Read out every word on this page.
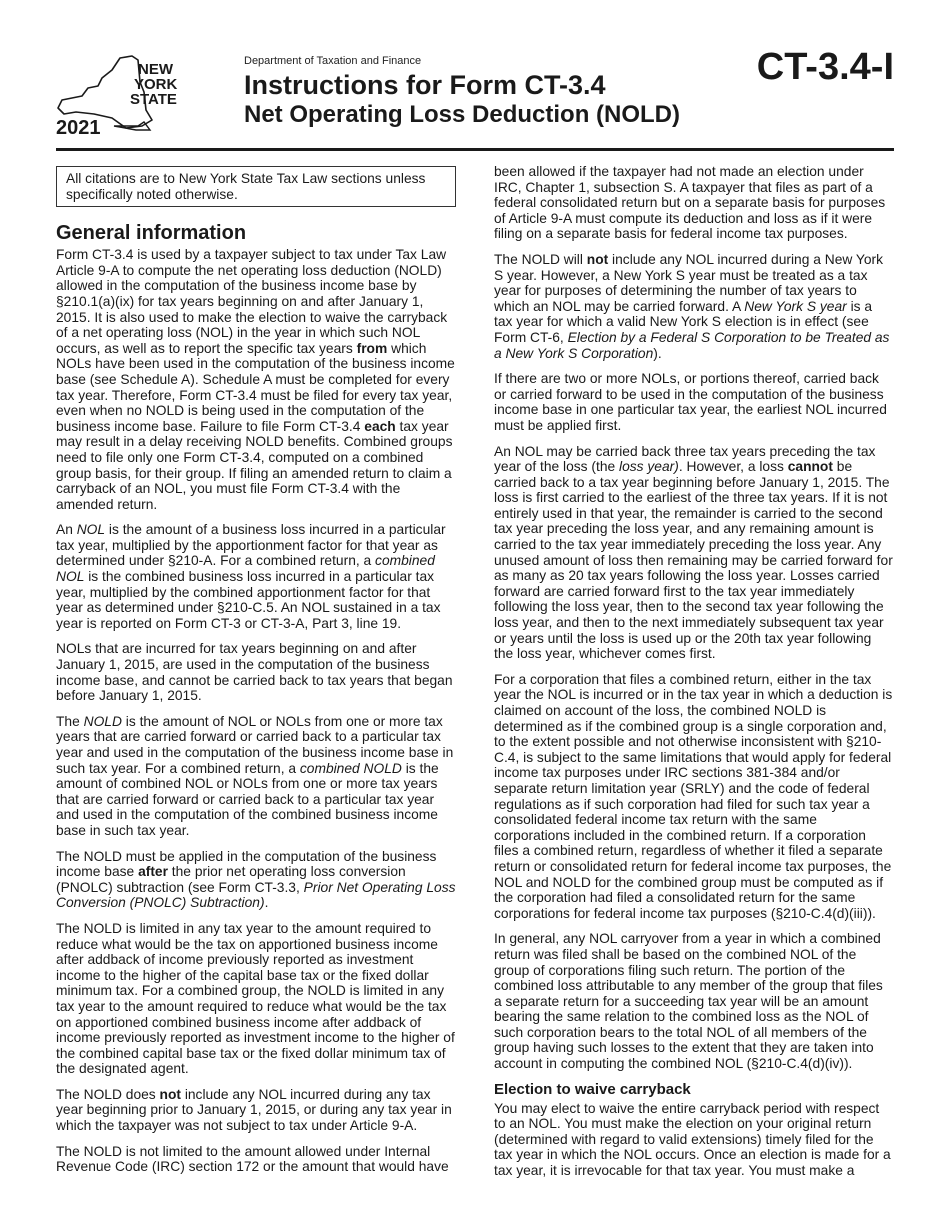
NEW
YORK
STATE
2021
Department of Taxation and Finance
Instructions for Form CT-3.4
Net Operating Loss Deduction (NOLD)
CT-3.4-I
All citations are to New York State Tax Law sections unless specifically noted otherwise.
General information

Form CT-3.4 is used by a taxpayer subject to tax under Tax Law Article 9-A to compute the net operating loss deduction (NOLD) allowed in the computation of the business income base by §210.1(a)(ix) for tax years beginning on and after January 1, 2015. It is also used to make the election to waive the carryback of a net operating loss (NOL) in the year in which such NOL occurs, as well as to report the specific tax years from which NOLs have been used in the computation of the business income base (see Schedule A). Schedule A must be completed for every tax year. Therefore, Form CT-3.4 must be filed for every tax year, even when no NOLD is being used in the computation of the business income base. Failure to file Form CT-3.4 each tax year may result in a delay receiving NOLD benefits. Combined groups need to file only one Form CT-3.4, computed on a combined group basis, for their group. If filing an amended return to claim a carryback of an NOL, you must file Form CT-3.4 with the amended return.

An NOL is the amount of a business loss incurred in a particular tax year, multiplied by the apportionment factor for that year as determined under §210-A. For a combined return, a combined NOL is the combined business loss incurred in a particular tax year, multiplied by the combined apportionment factor for that year as determined under §210-C.5. An NOL sustained in a tax year is reported on Form CT-3 or CT-3-A, Part 3, line 19.

NOLs that are incurred for tax years beginning on and after January 1, 2015, are used in the computation of the business income base, and cannot be carried back to tax years that began before January 1, 2015.

The NOLD is the amount of NOL or NOLs from one or more tax years that are carried forward or carried back to a particular tax year and used in the computation of the business income base in such tax year. For a combined return, a combined NOLD is the amount of combined NOL or NOLs from one or more tax years that are carried forward or carried back to a particular tax year and used in the computation of the combined business income base in such tax year.

The NOLD must be applied in the computation of the business income base after the prior net operating loss conversion (PNOLC) subtraction (see Form CT-3.3, Prior Net Operating Loss Conversion (PNOLC) Subtraction).

The NOLD is limited in any tax year to the amount required to reduce what would be the tax on apportioned business income after addback of income previously reported as investment income to the higher of the capital base tax or the fixed dollar minimum tax. For a combined group, the NOLD is limited in any tax year to the amount required to reduce what would be the tax on apportioned combined business income after addback of income previously reported as investment income to the higher of the combined capital base tax or the fixed dollar minimum tax of the designated agent.

The NOLD does not include any NOL incurred during any tax year beginning prior to January 1, 2015, or during any tax year in which the taxpayer was not subject to tax under Article 9-A.

The NOLD is not limited to the amount allowed under Internal Revenue Code (IRC) section 172 or the amount that would have

been allowed if the taxpayer had not made an election under IRC, Chapter 1, subsection S. A taxpayer that files as part of a federal consolidated return but on a separate basis for purposes of Article 9-A must compute its deduction and loss as if it were filing on a separate basis for federal income tax purposes.

The NOLD will not include any NOL incurred during a New York S year. However, a New York S year must be treated as a tax year for purposes of determining the number of tax years to which an NOL may be carried forward. A New York S year is a tax year for which a valid New York S election is in effect (see Form CT-6, Election by a Federal S Corporation to be Treated as a New York S Corporation).

If there are two or more NOLs, or portions thereof, carried back or carried forward to be used in the computation of the business income base in one particular tax year, the earliest NOL incurred must be applied first.

An NOL may be carried back three tax years preceding the tax year of the loss (the loss year). However, a loss cannot be carried back to a tax year beginning before January 1, 2015. The loss is first carried to the earliest of the three tax years. If it is not entirely used in that year, the remainder is carried to the second tax year preceding the loss year, and any remaining amount is carried to the tax year immediately preceding the loss year. Any unused amount of loss then remaining may be carried forward for as many as 20 tax years following the loss year. Losses carried forward are carried forward first to the tax year immediately following the loss year, then to the second tax year following the loss year, and then to the next immediately subsequent tax year or years until the loss is used up or the 20th tax year following the loss year, whichever comes first.

For a corporation that files a combined return, either in the tax year the NOL is incurred or in the tax year in which a deduction is claimed on account of the loss, the combined NOLD is determined as if the combined group is a single corporation and, to the extent possible and not otherwise inconsistent with §210-C.4, is subject to the same limitations that would apply for federal income tax purposes under IRC sections 381-384 and/or separate return limitation year (SRLY) and the code of federal regulations as if such corporation had filed for such tax year a consolidated federal income tax return with the same corporations included in the combined return. If a corporation files a combined return, regardless of whether it filed a separate return or consolidated return for federal income tax purposes, the NOL and NOLD for the combined group must be computed as if the corporation had filed a consolidated return for the same corporations for federal income tax purposes (§210-C.4(d)(iii)).

In general, any NOL carryover from a year in which a combined return was filed shall be based on the combined NOL of the group of corporations filing such return. The portion of the combined loss attributable to any member of the group that files a separate return for a succeeding tax year will be an amount bearing the same relation to the combined loss as the NOL of such corporation bears to the total NOL of all members of the group having such losses to the extent that they are taken into account in computing the combined NOL (§210-C.4(d)(iv)).

Election to waive carryback

You may elect to waive the entire carryback period with respect to an NOL. You must make the election on your original return (determined with regard to valid extensions) timely filed for the tax year in which the NOL occurs. Once an election is made for a tax year, it is irrevocable for that tax year. You must make a
